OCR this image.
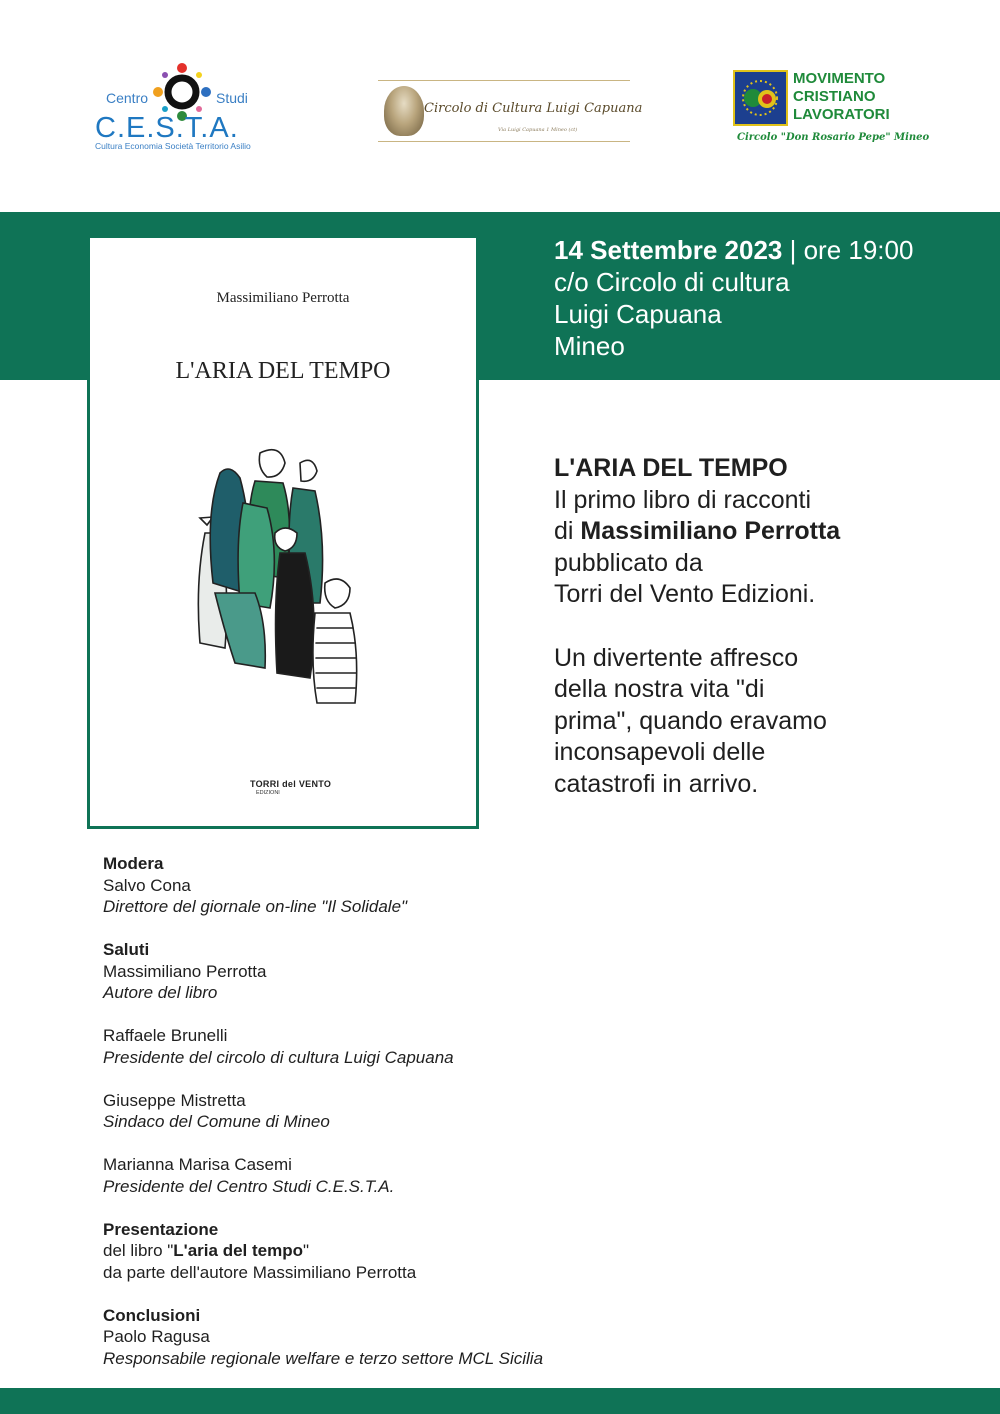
Centro	Studi
C.E.S.T.A.
Cultura Economia Società Territorio Asilio
Circolo di Cultura Luigi Capuana
Via Luigi Capuana 1 Mineo (ct)
MOVIMENTO
CRISTIANO
LAVORATORI
Circolo "Don Rosario Pepe" Mineo
14 Settembre 2023 | ore 19:00
c/o Circolo di cultura
Luigi Capuana
Mineo
Massimiliano Perrotta
L'ARIA DEL TEMPO
TORRI del VENTO
EDIZIONI
L'ARIA DEL TEMPO
Il primo libro di racconti
di Massimiliano Perrotta
pubblicato da
Torri del Vento Edizioni.
Un divertente affresco
della nostra vita "di
prima", quando eravamo
inconsapevoli delle
catastrofi in arrivo.
Modera
Salvo Cona
Direttore del giornale on-line "Il Solidale"
Saluti
Massimiliano Perrotta
Autore del libro
Raffaele Brunelli
Presidente del circolo di cultura Luigi Capuana
Giuseppe Mistretta
Sindaco del Comune di Mineo
Marianna Marisa Casemi
Presidente del Centro Studi C.E.S.T.A.
Presentazione
del libro "L'aria del tempo"
da parte dell'autore Massimiliano Perrotta
Conclusioni
Paolo Ragusa
Responsabile regionale welfare e terzo settore MCL Sicilia
